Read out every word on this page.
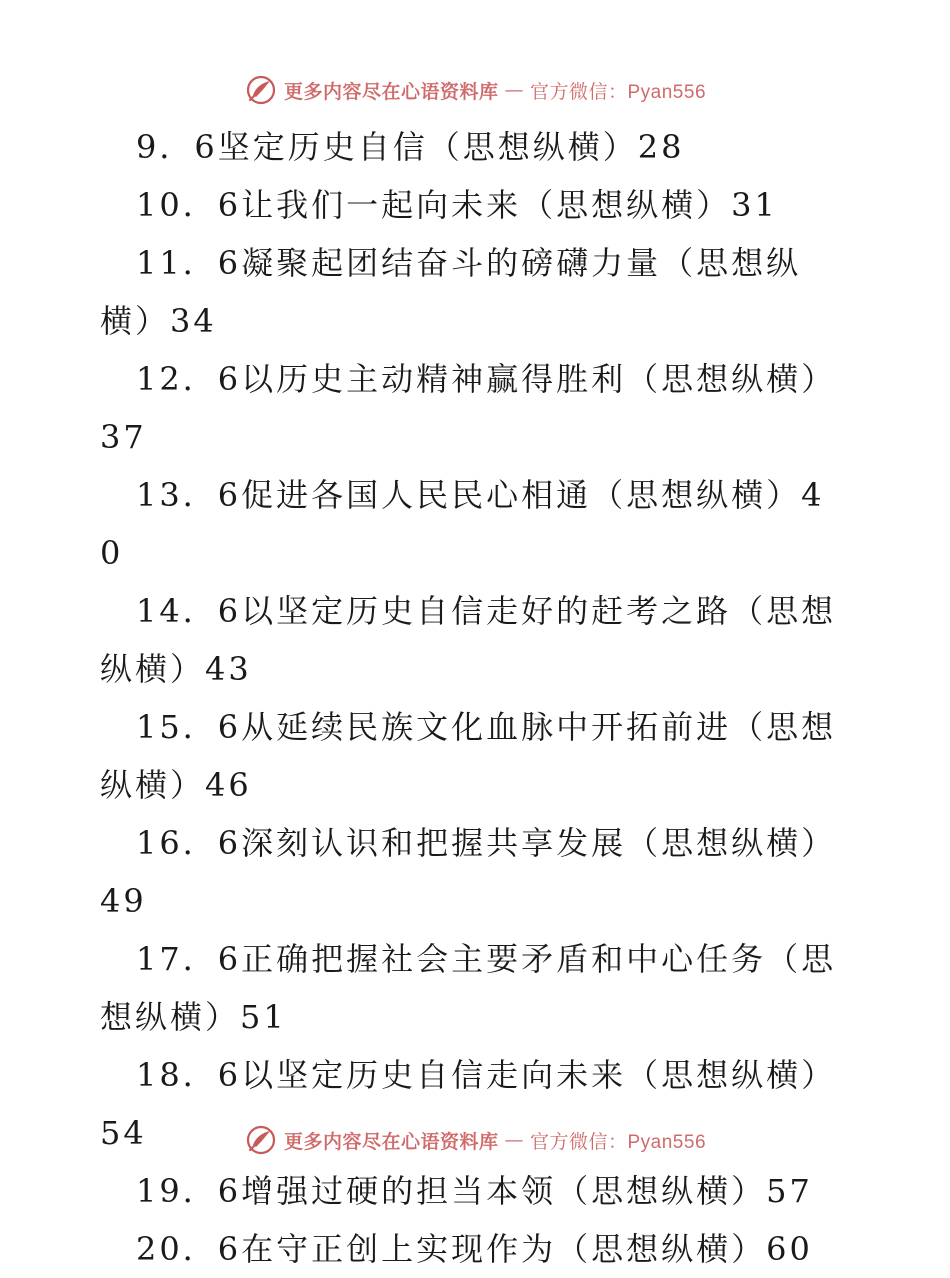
更多内容尽在心语资料库 — 官方微信：Pyan556

9．6坚定历史自信（思想纵横）28

10．6让我们一起向未来（思想纵横）31

11．6凝聚起团结奋斗的磅礴力量（思想纵横）34

12．6以历史主动精神赢得胜利（思想纵横）37

13．6促进各国人民民心相通（思想纵横）40

14．6以坚定历史自信走好的赶考之路（思想纵横）43

15．6从延续民族文化血脉中开拓前进（思想纵横）46

16．6深刻认识和把握共享发展（思想纵横）49

17．6正确把握社会主要矛盾和中心任务（思想纵横）51

18．6以坚定历史自信走向未来（思想纵横）54

19．6增强过硬的担当本领（思想纵横）57

20．6在守正创上实现作为（思想纵横）60

更多内容尽在心语资料库 — 官方微信：Pyan556
